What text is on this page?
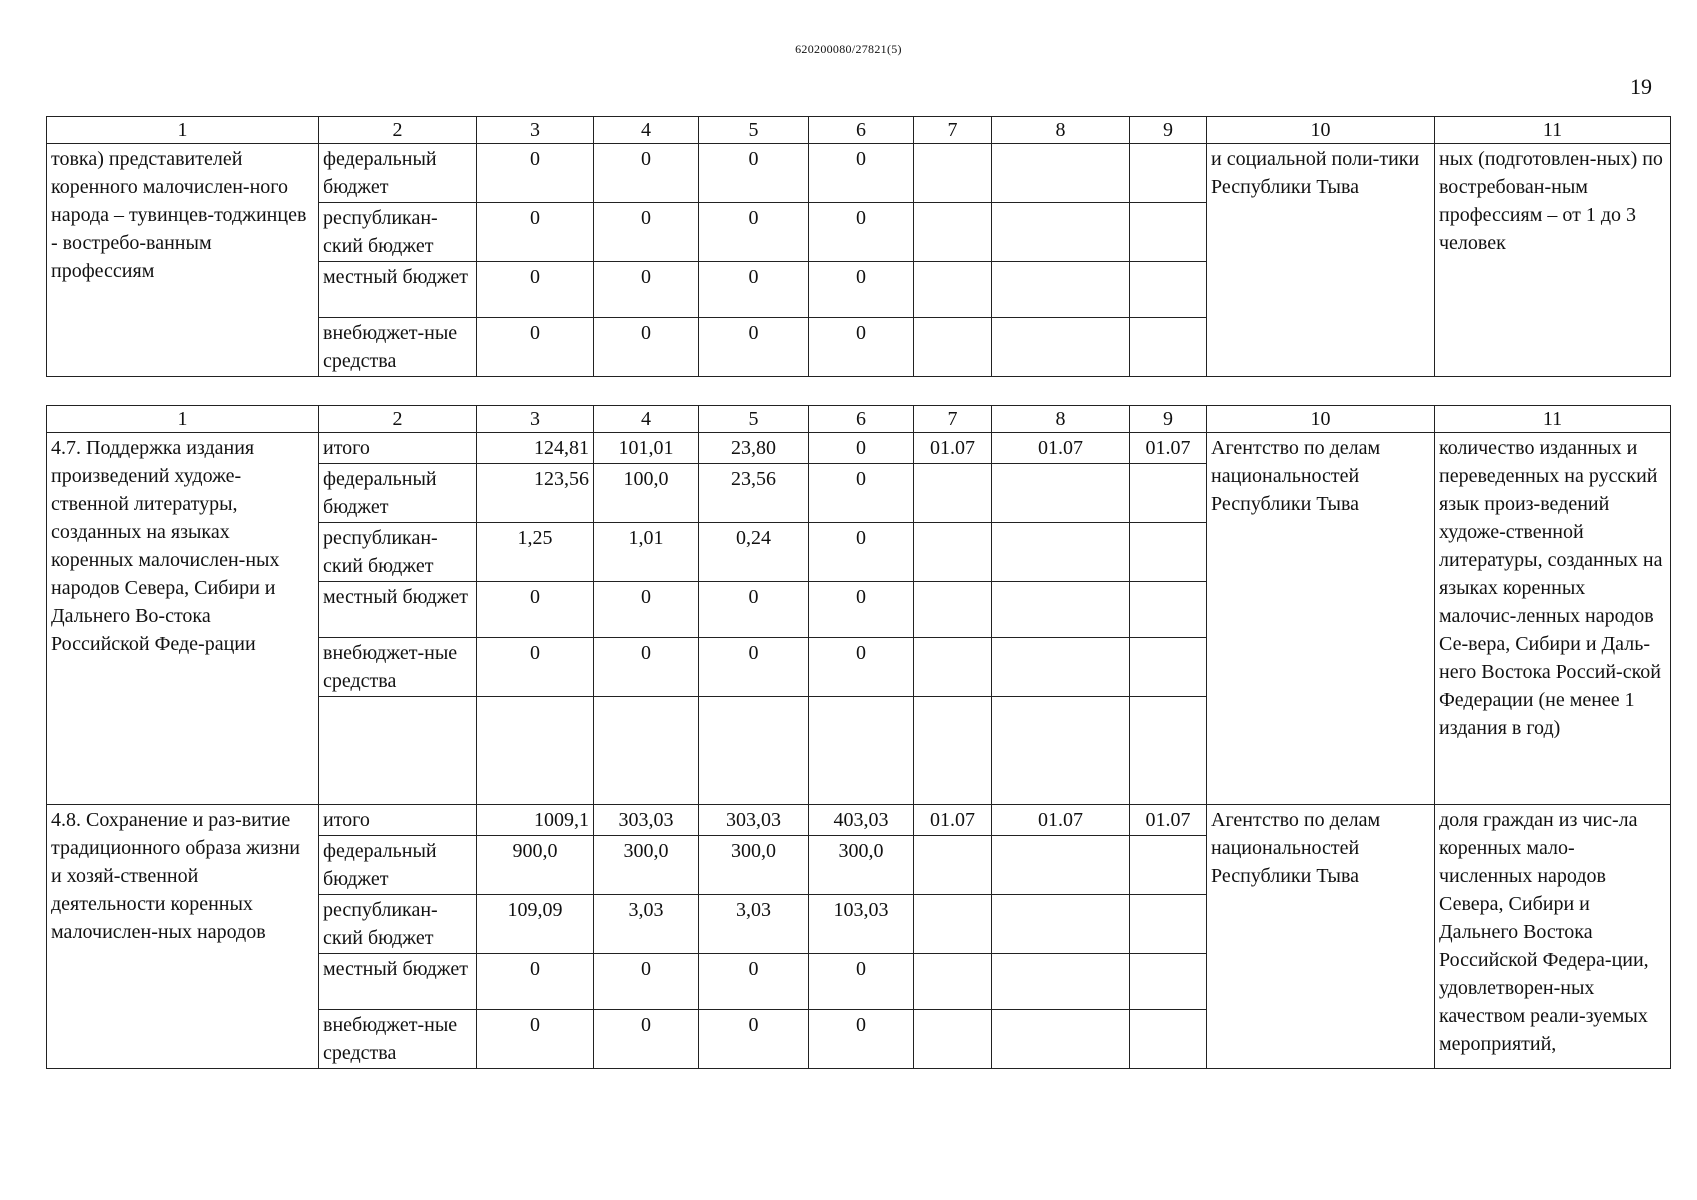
620200080/27821(5)
19
1	2	3	4	5	6	7	8	9	10	11
товка) представителей коренного малочислен-ного народа – тувинцев-тоджинцев - востребо-ванным профессиям	федеральный бюджет	0	0	0	0				и социальной поли-тики Республики Тыва	ных (подготовлен-ных) по востребован-ным профессиям – от 1 до 3 человек
	республикан-ский бюджет	0	0	0	0					
	местный бюджет	0	0	0	0					
	внебюджет-ные средства	0	0	0	0					
1	2	3	4	5	6	7	8	9	10	11
4.7. Поддержка издания произведений художе-ственной литературы, созданных на языках коренных малочислен-ных народов Севера, Сибири и Дальнего Во-стока Российской Феде-рации	итого	124,81	101,01	23,80	0	01.07	01.07	01.07	Агентство по делам национальностей Республики Тыва	количество изданных и переведенных на русский язык произ-ведений художе-ственной литературы, созданных на языках коренных малочис-ленных народов Се-вера, Сибири и Даль-него Востока Россий-ской Федерации (не менее 1 издания в год)
	федеральный бюджет	123,56	100,0	23,56	0					
	республикан-ский бюджет	1,25	1,01	0,24	0					
	местный бюджет	0	0	0	0					
	внебюджет-ные средства	0	0	0	0					

4.8. Сохранение и раз-витие традиционного образа жизни и хозяй-ственной деятельности коренных малочислен-ных народов	итого	1009,1	303,03	303,03	403,03	01.07	01.07	01.07	Агентство по делам национальностей Республики Тыва	доля граждан из чис-ла коренных мало-численных народов Севера, Сибири и Дальнего Востока Российской Федера-ции, удовлетворен-ных качеством реали-зуемых мероприятий,
	федеральный бюджет	900,0	300,0	300,0	300,0					
	республикан-ский бюджет	109,09	3,03	3,03	103,03					
	местный бюджет	0	0	0	0					
	внебюджет-ные средства	0	0	0	0					
